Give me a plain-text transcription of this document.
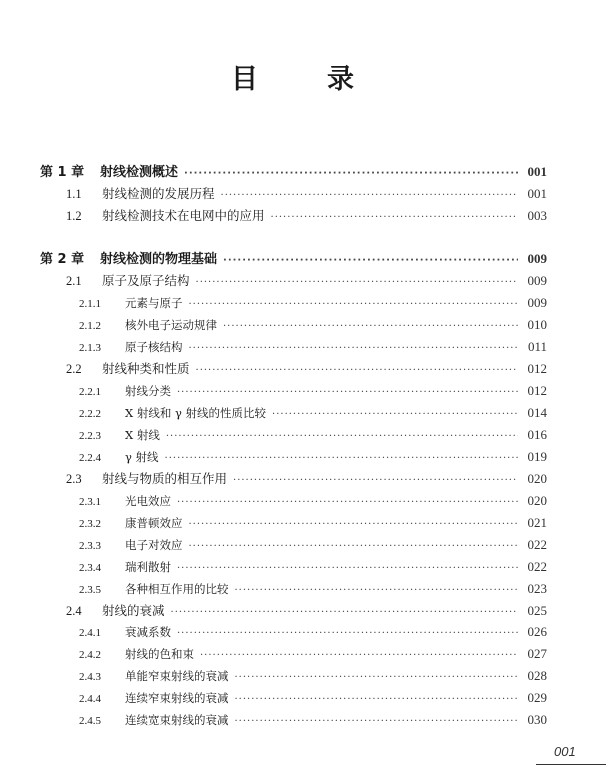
目	录
第 1 章	射线检测概述 ·····	001
1.1	射线检测的发展历程 ·····	001
1.2	射线检测技术在电网中的应用 ·····	003
第 2 章	射线检测的物理基础 ·····	009
2.1	原子及原子结构 ·····	009
2.1.1	元素与原子 ·····	009
2.1.2	核外电子运动规律 ·····	010
2.1.3	原子核结构 ·····	011
2.2	射线种类和性质 ·····	012
2.2.1	射线分类 ·····	012
2.2.2	X 射线和 γ 射线的性质比较 ·····	014
2.2.3	X 射线 ·····	016
2.2.4	γ 射线 ·····	019
2.3	射线与物质的相互作用 ·····	020
2.3.1	光电效应 ·····	020
2.3.2	康普顿效应 ·····	021
2.3.3	电子对效应 ·····	022
2.3.4	瑞利散射 ·····	022
2.3.5	各种相互作用的比较 ·····	023
2.4	射线的衰减 ·····	025
2.4.1	衰减系数 ·····	026
2.4.2	射线的色和束 ·····	027
2.4.3	单能窄束射线的衰减 ·····	028
2.4.4	连续窄束射线的衰减 ·····	029
2.4.5	连续宽束射线的衰减 ·····	030
001
